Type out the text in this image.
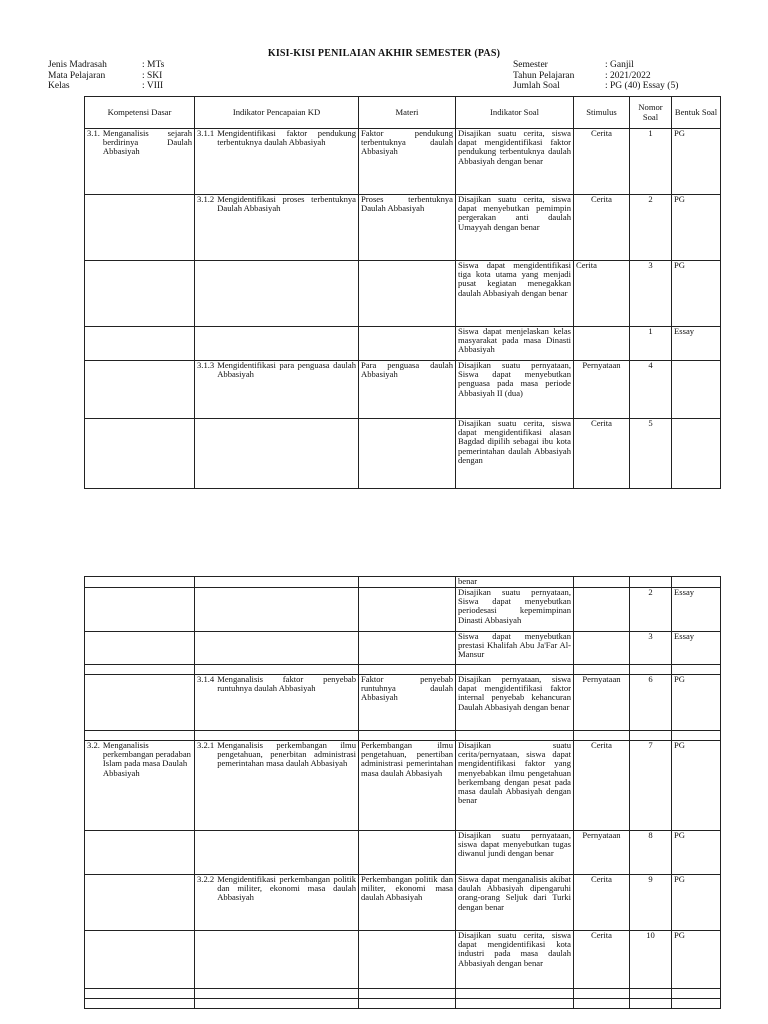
KISI-KISI PENILAIAN AKHIR SEMESTER (PAS)
Jenis Madrasah	: MTs
Mata Pelajaran	: SKI
Kelas	: VIII
Semester	: Ganjil
Tahun Pelajaran	: 2021/2022
Jumlah Soal	: PG (40) Essay (5)
Kompetensi Dasar	Indikator Pencapaian KD	Materi	Indikator Soal	Stimulus	Nomor Soal	Bentuk Soal

3.1. Menganalisis sejarah berdirinya Daulah Abbasiyah	3.1.1 Mengidentifikasi faktor pendukung terbentuknya daulah Abbasiyah	Faktor pendukung terbentuknya daulah Abbasiyah	Disajikan suatu cerita, siswa dapat mengidentifikasi faktor pendukung terbentuknya daulah Abbasiyah dengan benar	Cerita	1	PG

	3.1.2 Mengidentifikasi proses terbentuknya Daulah Abbasiyah	Proses terbentuknya Daulah Abbasiyah	Disajikan suatu cerita, siswa dapat menyebutkan pemimpin pergerakan anti daulah Umayyah dengan benar	Cerita	2	PG
			Siswa dapat mengidentifikasi tiga kota utama yang menjadi pusat kegiatan menegakkan daulah Abbasiyah dengan benar	Cerita	3	PG
			Siswa dapat menjelaskan kelas masyarakat pada masa Dinasti Abbasiyah		1	Essay

	3.1.3 Mengidentifikasi para penguasa daulah Abbasiyah	Para penguasa daulah Abbasiyah	Disajikan suatu pernyataan, Siswa dapat menyebutkan penguasa pada masa periode Abbasiyah II (dua)	Pernyataan	4	
			Disajikan suatu cerita, siswa dapat mengidentifikasi alasan Bagdad dipilih sebagai ibu kota pemerintahan daulah Abbasiyah dengan	Cerita	5	
			benar			
			Disajikan suatu pernyataan, Siswa dapat menyebutkan periodesasi kepemimpinan Dinasti Abbasiyah		2	Essay
			Siswa dapat menyebutkan prestasi Khalifah Abu Ja'Far Al-Mansur		3	Essay

	3.1.4 Menganalisis faktor penyebab runtuhnya daulah Abbasiyah	Faktor penyebab runtuhnya daulah Abbasiyah	Disajikan pernyataan, siswa dapat mengidentifikasi faktor internal penyebab kehancuran Daulah Abbasiyah dengan benar	Pernyataan	6	PG

3.2. Menganalisis perkembangan peradaban Islam pada masa Daulah Abbasiyah	3.2.1 Menganalisis perkembangan ilmu pengetahuan, penerbitan administrasi pemerintahan masa daulah Abbasiyah	Perkembangan ilmu pengetahuan, penertiban administrasi pemerintahan masa daulah Abbasiyah	Disajikan suatu cerita/pernyataan, siswa dapat mengidentifikasi faktor yang menyebabkan ilmu pengetahuan berkembang dengan pesat pada masa daulah Abbasiyah dengan benar	Cerita	7	PG
			Disajikan suatu pernyataan, siswa dapat menyebutkan tugas diwanul jundi dengan benar	Pernyataan	8	PG

	3.2.2 Mengidentifikasi perkembangan politik dan militer, ekonomi masa daulah Abbasiyah	Perkembangan politik dan militer, ekonomi masa daulah Abbasiyah	Siswa dapat menganalisis akibat daulah Abbasiyah dipengaruhi orang-orang Seljuk dari Turki dengan benar	Cerita	9	PG
			Disajikan suatu cerita, siswa dapat mengidentifikasi kota industri pada masa daulah Abbasiyah dengan benar	Cerita	10	PG
